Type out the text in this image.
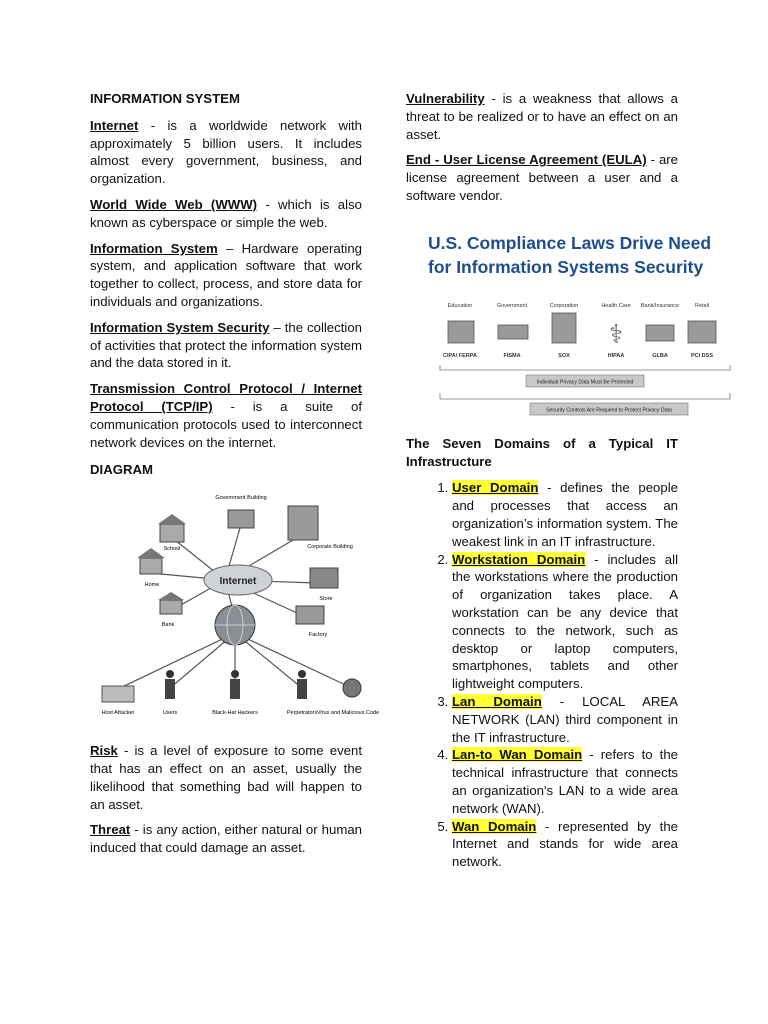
INFORMATION SYSTEM

Internet - is a worldwide network with approximately 5 billion users. It includes almost every government, business, and organization.

World Wide Web (WWW) - which is also known as cyberspace or simple the web.

Information System – Hardware operating system, and application software that work together to collect, process, and store data for individuals and organizations.

Information System Security – the collection of activities that protect the information system and the data stored in it.

Transmission Control Protocol / Internet Protocol (TCP/IP) - is a suite of communication protocols used to interconnect network devices on the internet.

DIAGRAM

Internet
Government Building
School	Corporate Building
Home
Store
Bank
Factory
Host Attacker	Users	Black-Hat Hackers	Perpetrators Virus and Malicious Code

Risk - is a level of exposure to some event that has an effect on an asset, usually the likelihood that something bad will happen to an asset.

Threat - is any action, either natural or human induced that could damage an asset.

Vulnerability - is a weakness that allows a threat to be realized or to have an effect on an asset.

End - User License Agreement (EULA) - are license agreement between a user and a software vendor.

U.S. Compliance Laws Drive Need
for Information Systems Security
Education	Government	Corporation	Health Care Bank/Insurance	Retail
⚕
CIPA/ FERPA	FISMA	SOX	HIPAA	GLBA	PCI DSS
Individual Privacy Data Must Be Protected
Security Controls Are Required to Protect Privacy Data

The Seven Domains of a Typical IT Infrastructure

1. User Domain - defines the people and processes that access an organization’s information system. The weakest link in an IT infrastructure.
2. Workstation Domain - includes all the workstations where the production of organization takes place. A workstation can be any device that connects to the network, such as desktop or laptop computers, smartphones, tablets and other lightweight computers.
3. Lan Domain - LOCAL AREA NETWORK (LAN) third component in the IT infrastructure.
4. Lan-to Wan Domain - refers to the technical infrastructure that connects an organization's LAN to a wide area network (WAN).
5. Wan Domain - represented by the Internet and stands for wide area network.
